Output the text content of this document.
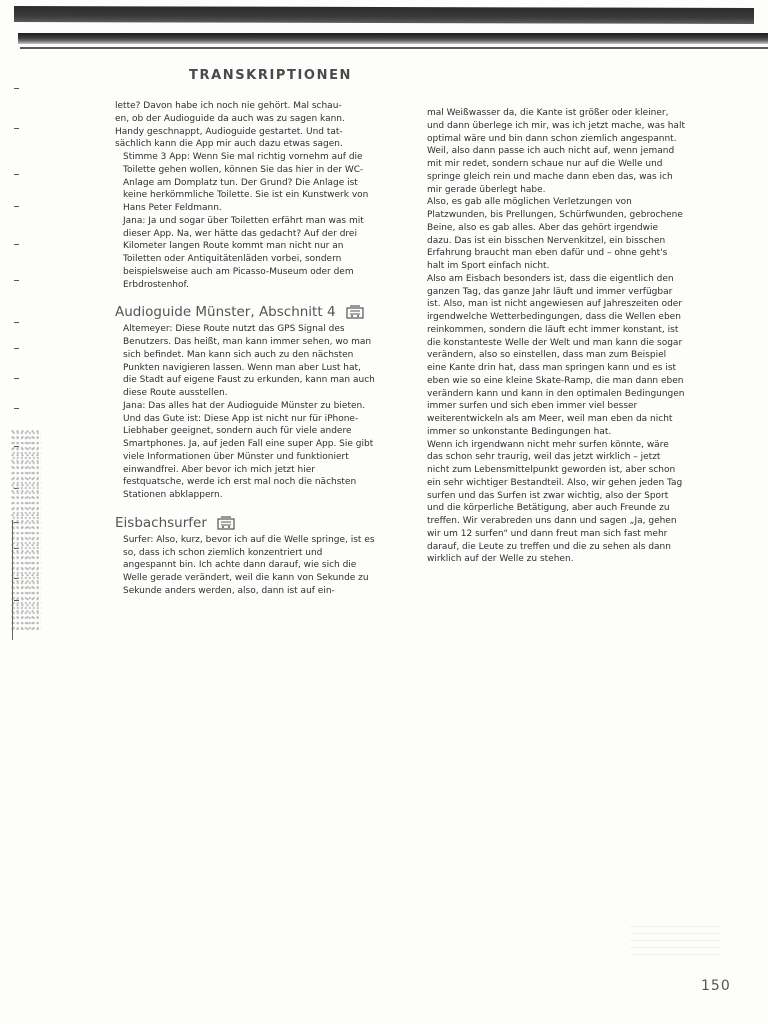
TRANSKRIPTIONEN

lette? Davon habe ich noch nie gehört. Mal schau-

en, ob der Audioguide da auch was zu sagen kann.

Handy geschnappt, Audioguide gestartet. Und tat-

sächlich kann die App mir auch dazu etwas sagen.

Stimme 3 App: Wenn Sie mal richtig vornehm auf die Toilette gehen wollen, können Sie das hier in der WC-Anlage am Domplatz tun. Der Grund? Die Anlage ist keine herkömmliche Toilette. Sie ist ein Kunstwerk von Hans Peter Feldmann.

Jana: Ja und sogar über Toiletten erfährt man was mit dieser App. Na, wer hätte das gedacht? Auf der drei Kilometer langen Route kommt man nicht nur an Toiletten oder Antiquitätenläden vorbei, sondern beispielsweise auch am Picasso-Museum oder dem Erbdrostenhof.

Audioguide Münster, Abschnitt 4

Altemeyer: Diese Route nutzt das GPS Signal des Benutzers. Das heißt, man kann immer sehen, wo man sich befindet. Man kann sich auch zu den nächsten Punkten navigieren lassen. Wenn man aber Lust hat, die Stadt auf eigene Faust zu erkunden, kann man auch diese Route ausstellen.

Jana: Das alles hat der Audioguide Münster zu bieten. Und das Gute ist: Diese App ist nicht nur für iPhone-Liebhaber geeignet, sondern auch für viele andere Smartphones. Ja, auf jeden Fall eine super App. Sie gibt viele Informationen über Münster und funktioniert einwandfrei. Aber bevor ich mich jetzt hier festquatsche, werde ich erst mal noch die nächsten Stationen abklappern.

Eisbachsurfer

Surfer: Also, kurz, bevor ich auf die Welle springe, ist es so, dass ich schon ziemlich konzentriert und angespannt bin. Ich achte dann darauf, wie sich die Welle gerade verändert, weil die kann von Sekunde zu Sekunde anders werden, also, dann ist auf ein-

mal Weißwasser da, die Kante ist größer oder kleiner, und dann überlege ich mir, was ich jetzt mache, was halt optimal wäre und bin dann schon ziemlich angespannt. Weil, also dann passe ich auch nicht auf, wenn jemand mit mir redet, sondern schaue nur auf die Welle und springe gleich rein und mache dann eben das, was ich mir gerade überlegt habe.

Also, es gab alle möglichen Verletzungen von Platzwunden, bis Prellungen, Schürfwunden, gebrochene Beine, also es gab alles. Aber das gehört irgendwie dazu. Das ist ein bisschen Nervenkitzel, ein bisschen Erfahrung braucht man eben dafür und – ohne geht's halt im Sport einfach nicht.

Also am Eisbach besonders ist, dass die eigentlich den ganzen Tag, das ganze Jahr läuft und immer verfügbar ist. Also, man ist nicht angewiesen auf Jahreszeiten oder irgendwelche Wetterbedingungen, dass die Wellen eben reinkommen, sondern die läuft echt immer konstant, ist die konstanteste Welle der Welt und man kann die sogar verändern, also so einstellen, dass man zum Beispiel eine Kante drin hat, dass man springen kann und es ist eben wie so eine kleine Skate-Ramp, die man dann eben verändern kann und kann in den optimalen Bedingungen immer surfen und sich eben immer viel besser weiterentwickeln als am Meer, weil man eben da nicht immer so unkonstante Bedingungen hat.

Wenn ich irgendwann nicht mehr surfen könnte, wäre das schon sehr traurig, weil das jetzt wirklich – jetzt nicht zum Lebensmittelpunkt geworden ist, aber schon ein sehr wichtiger Bestandteil. Also, wir gehen jeden Tag surfen und das Surfen ist zwar wichtig, also der Sport und die körperliche Betätigung, aber auch Freunde zu treffen. Wir verabreden uns dann und sagen „Ja, gehen wir um 12 surfen" und dann freut man sich fast mehr darauf, die Leute zu treffen und die zu sehen als dann wirklich auf der Welle zu stehen.

150
